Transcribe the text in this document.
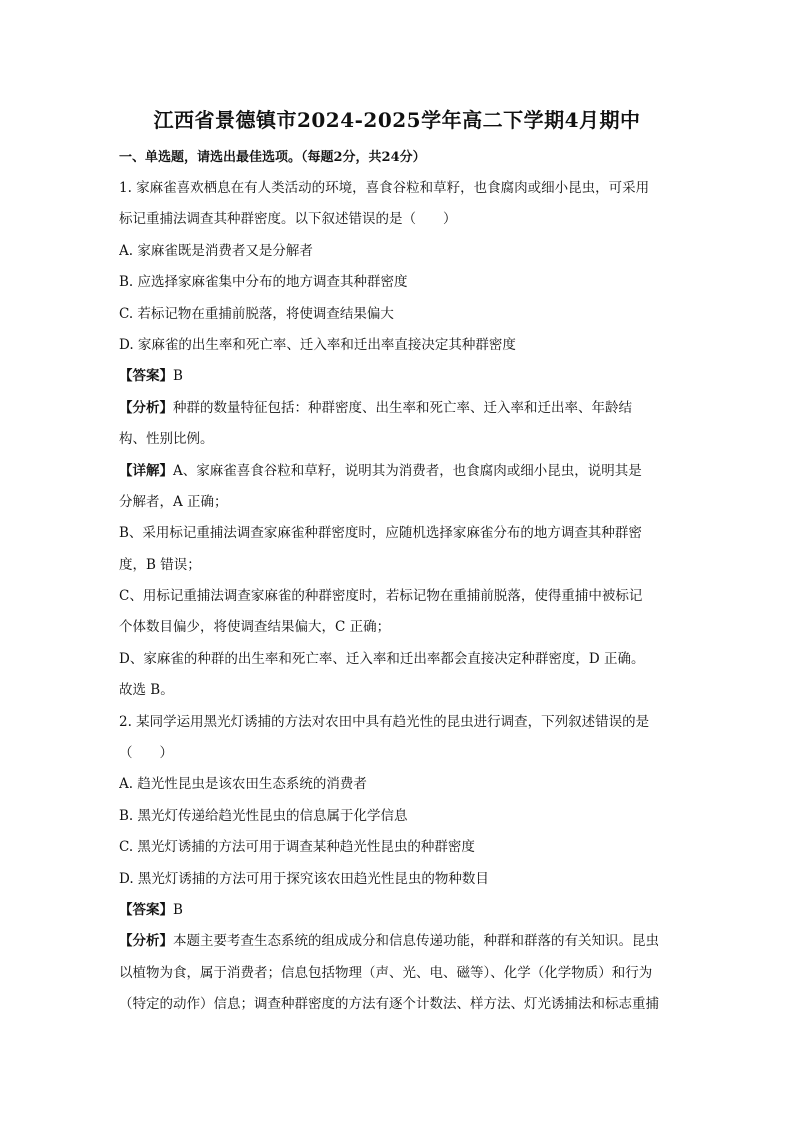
江西省景德镇市2024-2025学年高二下学期4月期中

一、单选题，请选出最佳选项。（每题2分，共24分）

1. 家麻雀喜欢栖息在有人类活动的环境，喜食谷粒和草籽，也食腐肉或细小昆虫，可采用

标记重捕法调查其种群密度。以下叙述错误的是（　　）

A. 家麻雀既是消费者又是分解者

B. 应选择家麻雀集中分布的地方调查其种群密度

C. 若标记物在重捕前脱落，将使调查结果偏大

D. 家麻雀的出生率和死亡率、迁入率和迁出率直接决定其种群密度

【答案】B

【分析】种群的数量特征包括：种群密度、出生率和死亡率、迁入率和迁出率、年龄结

构、性别比例。

【详解】A、家麻雀喜食谷粒和草籽，说明其为消费者，也食腐肉或细小昆虫，说明其是

分解者，A 正确；

B、采用标记重捕法调查家麻雀种群密度时，应随机选择家麻雀分布的地方调查其种群密

度，B 错误；

C、用标记重捕法调查家麻雀的种群密度时，若标记物在重捕前脱落，使得重捕中被标记

个体数目偏少，将使调查结果偏大，C 正确；

D、家麻雀的种群的出生率和死亡率、迁入率和迁出率都会直接决定种群密度，D 正确。

故选 B。

2. 某同学运用黑光灯诱捕的方法对农田中具有趋光性的昆虫进行调查，下列叙述错误的是

（　　）

A. 趋光性昆虫是该农田生态系统的消费者

B. 黑光灯传递给趋光性昆虫的信息属于化学信息

C. 黑光灯诱捕的方法可用于调查某种趋光性昆虫的种群密度

D. 黑光灯诱捕的方法可用于探究该农田趋光性昆虫的物种数目

【答案】B

【分析】本题主要考查生态系统的组成成分和信息传递功能，种群和群落的有关知识。昆虫

以植物为食，属于消费者；信息包括物理（声、光、电、磁等）、化学（化学物质）和行为

（特定的动作）信息；调查种群密度的方法有逐个计数法、样方法、灯光诱捕法和标志重捕
